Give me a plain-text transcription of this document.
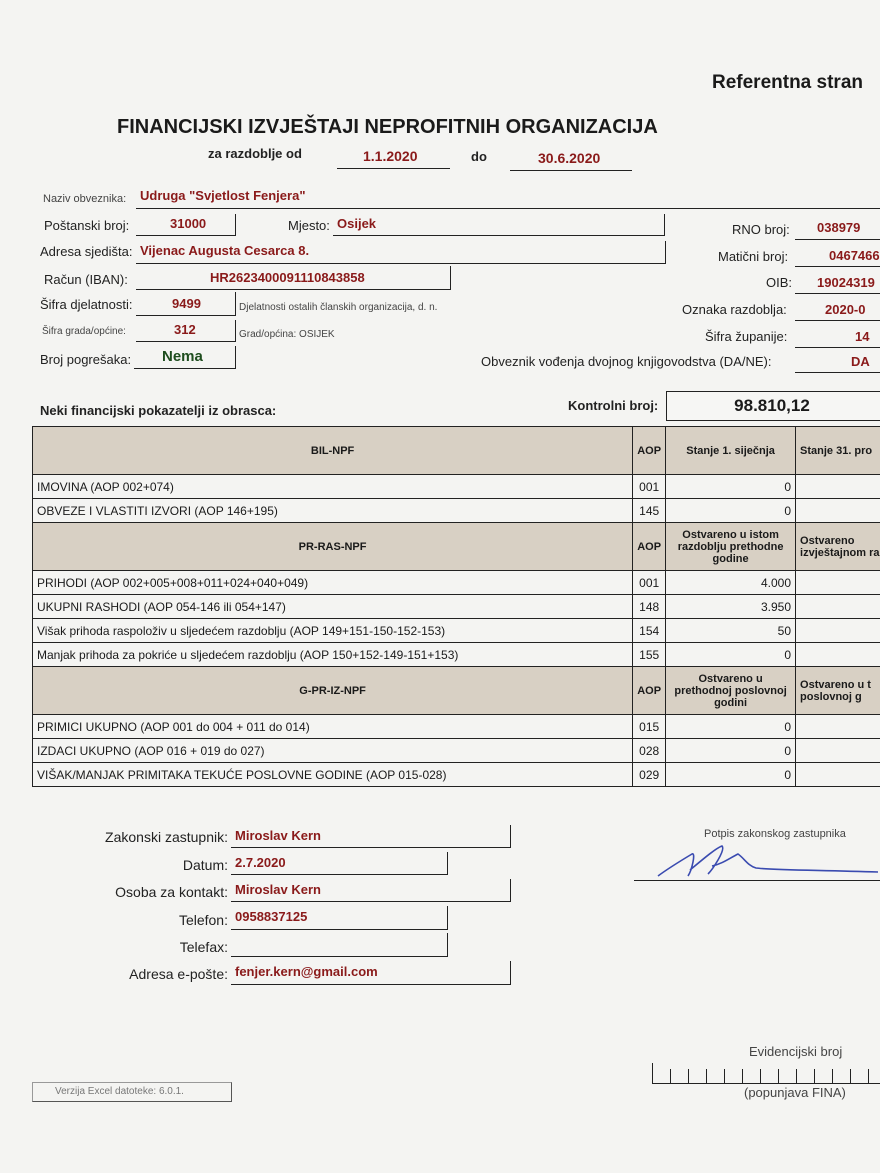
Referentna stran
FINANCIJSKI IZVJEŠTAJI NEPROFITNIH ORGANIZACIJA
za razdoblje od	1.1.2020	do	30.6.2020
Naziv obveznika: Udruga "Svjetlost Fenjera"
Poštanski broj:	31000	Mjesto: Osijek
Adresa sjedišta: Vijenac Augusta Cesarca 8.
Račun (IBAN):	HR2623400091110843858
Šifra djelatnosti:	9499	Djelatnosti ostalih članskih organizacija, d. n.
Šifra grada/općine:	312	Grad/općina: OSIJEK
Broj pogrešaka: Nema
RNO broj: 038979
Matični broj:	0467466
OIB: 19024319
Oznaka razdoblja:	2020-0
Šifra županije:	14
Obveznik vođenja dvojnog knjigovodstva (DA/NE):	DA
Neki financijski pokazatelji iz obrasca:	Kontrolni broj:	98.810,12
BIL-NPF	AOP	Stanje 1. siječnja	Stanje 31. pro
IMOVINA (AOP 002+074)	001	0	
OBVEZE I VLASTITI IZVORI (AOP 146+195)	145	0	
PR-RAS-NPF	AOP	Ostvareno u istom razdoblju prethodne godine	Ostvareno izvještajnom ra
PRIHODI (AOP 002+005+008+011+024+040+049)	001	4.000	
UKUPNI RASHODI (AOP 054-146 ili 054+147)	148	3.950	
Višak prihoda raspoloživ u sljedećem razdoblju (AOP 149+151-150-152-153)	154	50	
Manjak prihoda za pokriće u sljedećem razdoblju (AOP 150+152-149-151+153)	155	0	
G-PR-IZ-NPF	AOP	Ostvareno u prethodnoj poslovnoj godini	Ostvareno u t poslovnoj g
PRIMICI UKUPNO (AOP 001 do 004 + 011 do 014)	015	0	
IZDACI UKUPNO (AOP 016 + 019 do 027)	028	0	
VIŠAK/MANJAK PRIMITAKA TEKUĆE POSLOVNE GODINE (AOP 015-028)	029	0	
Zakonski zastupnik: Miroslav Kern
Datum: 2.7.2020
Osoba za kontakt: Miroslav Kern
Telefon: 0958837125
Telefax:
Adresa e-pošte: fenjer.kern@gmail.com
Potpis zakonskog zastupnika
Verzija Excel datoteke: 6.0.1.
Evidencijski broj
(popunjava FINA)
